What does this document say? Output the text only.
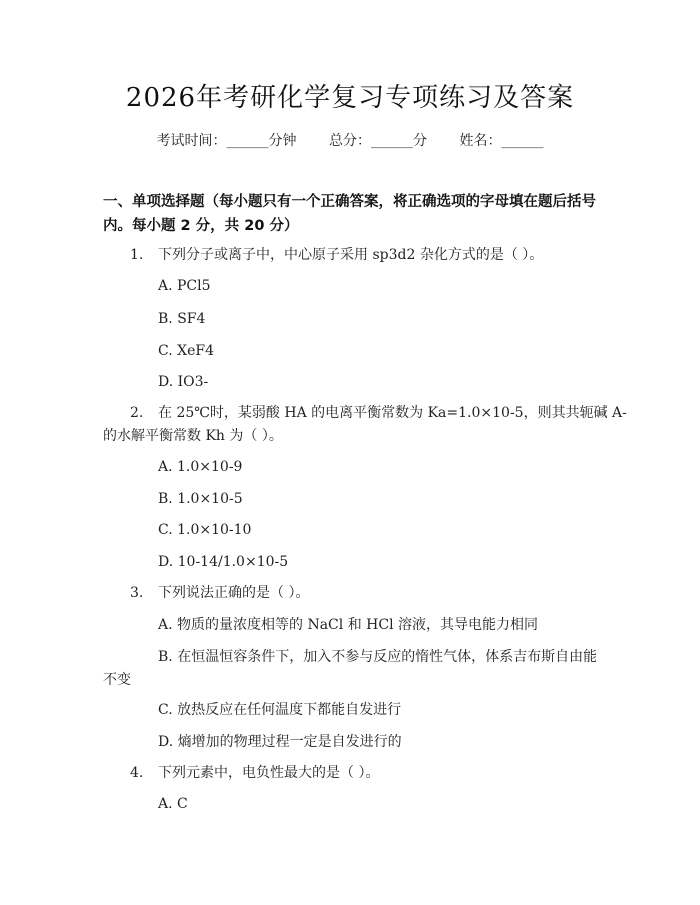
2026年考研化学复习专项练习及答案
考试时间：______分钟 总分：______分 姓名：______
一、单项选择题（每小题只有一个正确答案，将正确选项的字母填在题后括号
内。每小题 2 分，共 20 分）
1. 下列分子或离子中，中心原子采用 sp3d2 杂化方式的是（ ）。
A. PCl5
B. SF4
C. XeF4
D. IO3-
2. 在 25℃时，某弱酸 HA 的电离平衡常数为 Ka=1.0×10-5，则其共轭碱 A-
的水解平衡常数 Kh 为（ ）。
A. 1.0×10-9
B. 1.0×10-5
C. 1.0×10-10
D. 10-14/1.0×10-5
3. 下列说法正确的是（ ）。
A. 物质的量浓度相等的 NaCl 和 HCl 溶液，其导电能力相同
B. 在恒温恒容条件下，加入不参与反应的惰性气体，体系吉布斯自由能
不变
C. 放热反应在任何温度下都能自发进行
D. 熵增加的物理过程一定是自发进行的
4. 下列元素中，电负性最大的是（ ）。
A. C
